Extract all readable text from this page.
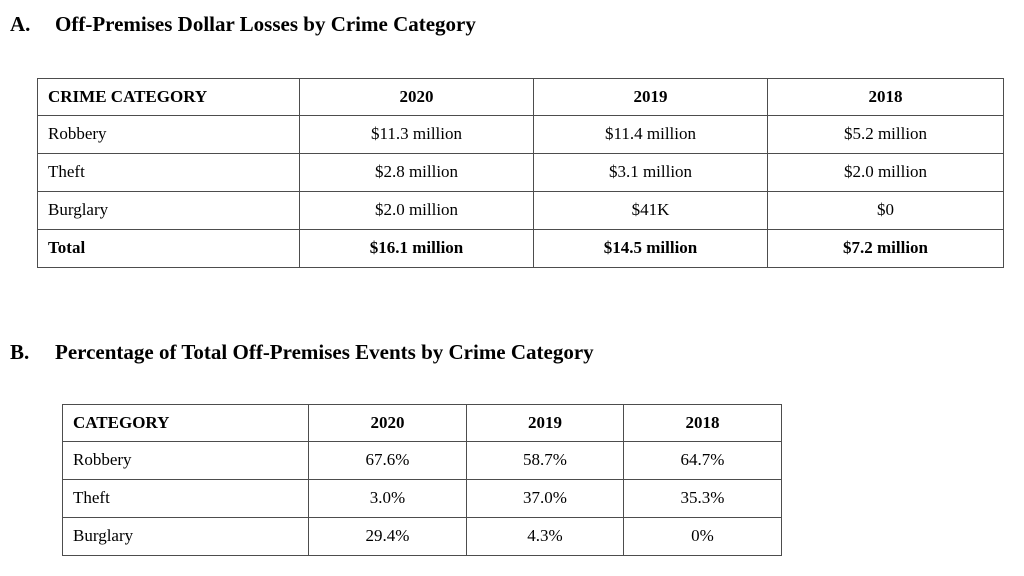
A.	Off-Premises Dollar Losses by Crime Category
CRIME CATEGORY	2020	2019	2018
Robbery	$11.3 million	$11.4 million	$5.2 million
Theft	$2.8 million	$3.1 million	$2.0 million
Burglary	$2.0 million	$41K	$0
Total	$16.1 million	$14.5 million	$7.2 million
B.	Percentage of Total Off-Premises Events by Crime Category
CATEGORY	2020	2019	2018
Robbery	67.6%	58.7%	64.7%
Theft	3.0%	37.0%	35.3%
Burglary	29.4%	4.3%	0%
